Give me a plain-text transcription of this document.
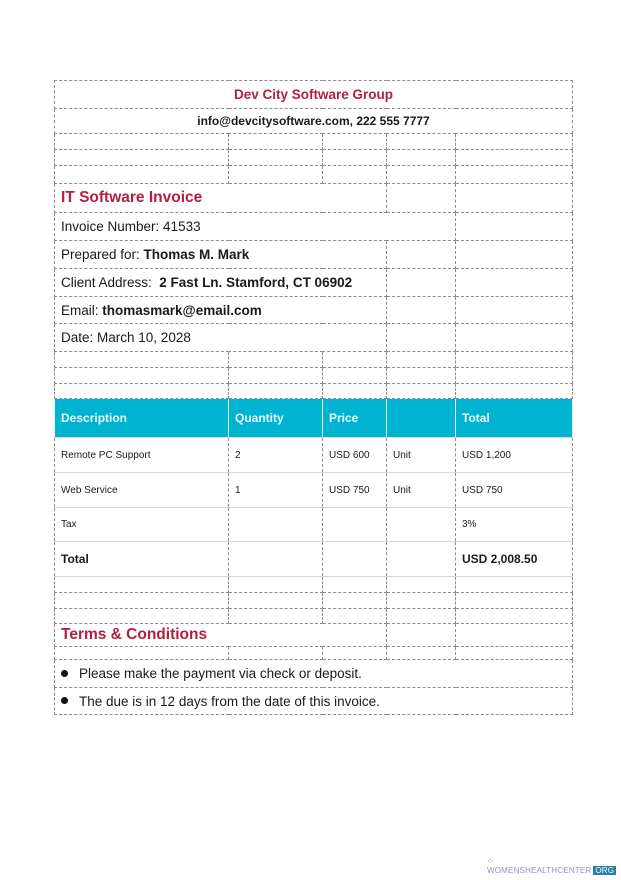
Dev City Software Group				
info@devcitysoftware.com, 222 555 7777				

IT Software Invoice				
Invoice Number: 41533				
Prepared for: Thomas M. Mark				
Client Address:  2 Fast Ln. Stamford, CT 06902				
Email: thomasmark@email.com				
Date: March 10, 2028				

Description	Quantity	Price		Total
Remote PC Support	2	USD 600	Unit	USD 1,200
Web Service	1	USD 750	Unit	USD 750
Tax				3%
Total				USD 2,008.50

Terms & Conditions				

Please make the payment via check or deposit.				
The due is in 12 days from the date of this invoice.				
⁘WOMENSHEALTHCENTER ORG
